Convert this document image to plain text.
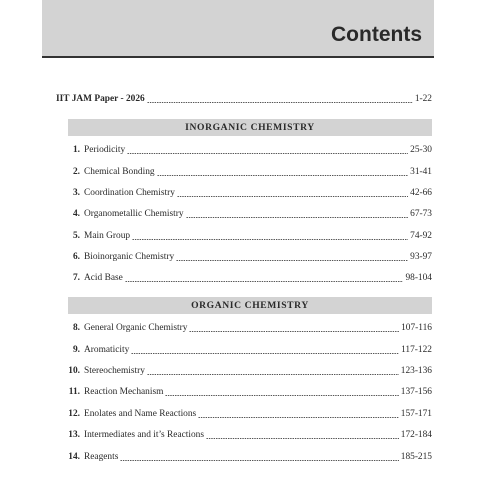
Contents
IIT JAM Paper - 2026	1-22
INORGANIC CHEMISTRY
1. Periodicity	25-30
2. Chemical Bonding	31-41
3. Coordination Chemistry	42-66
4. Organometallic Chemistry	67-73
5. Main Group	74-92
6. Bioinorganic Chemistry	93-97
7. Acid Base	98-104
ORGANIC CHEMISTRY
8. General Organic Chemistry	107-116
9. Aromaticity	117-122
10. Stereochemistry	123-136
11. Reaction Mechanism	137-156
12. Enolates and Name Reactions	157-171
13. Intermediates and it’s Reactions	172-184
14. Reagents	185-215
